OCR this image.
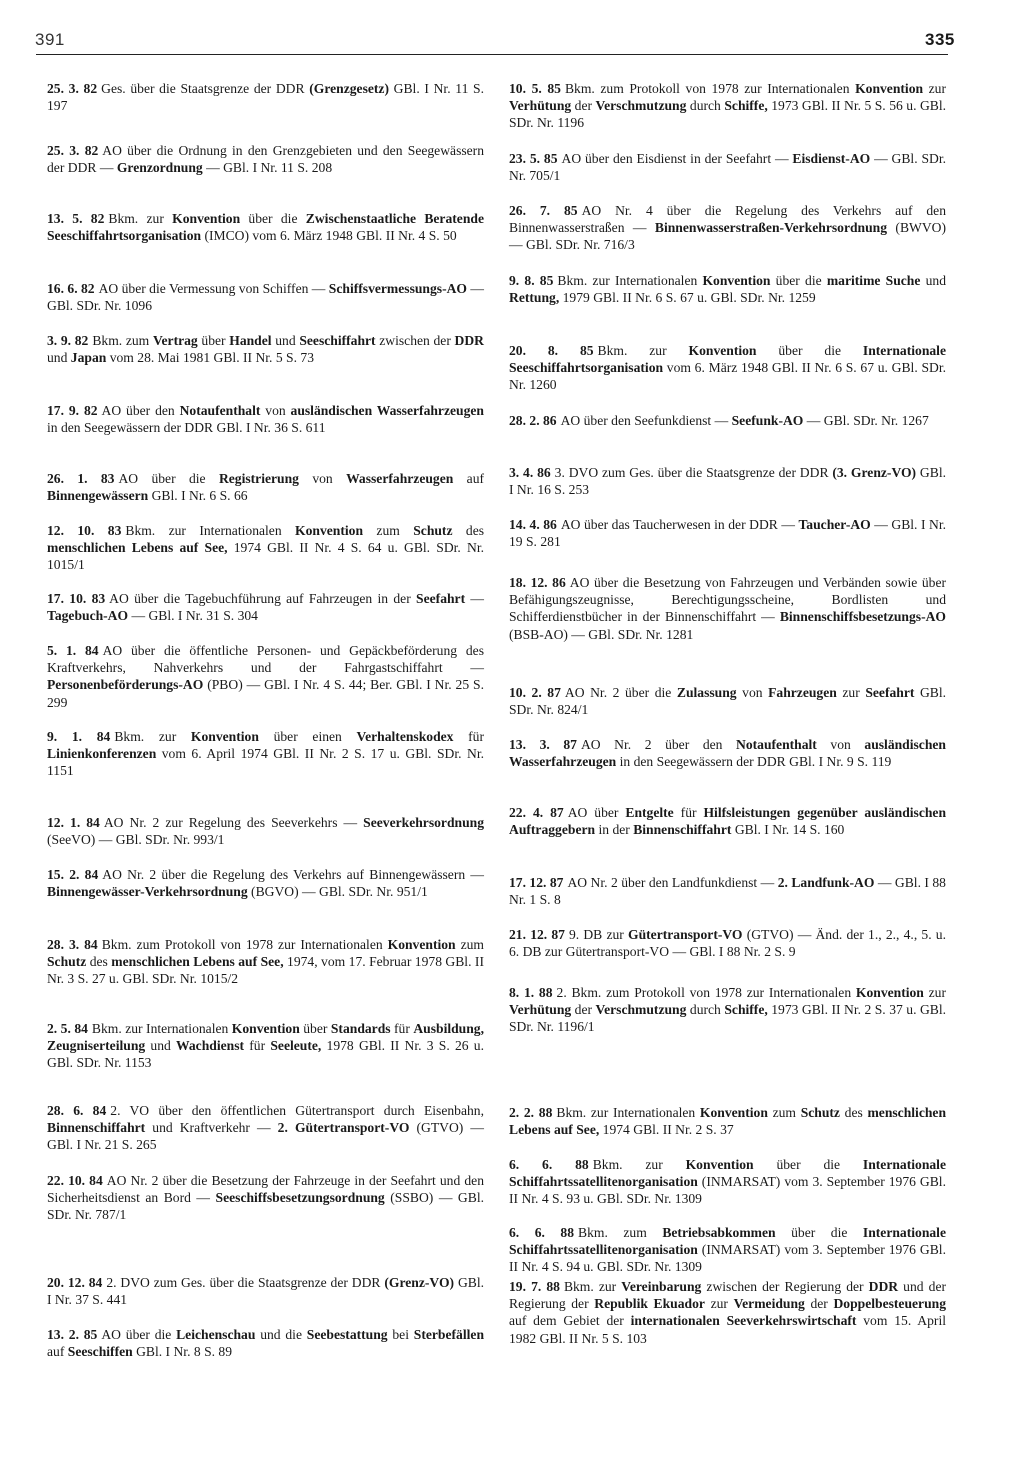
391	335
25. 3. 82 Ges. über die Staatsgrenze der DDR (Grenzgesetz) GBl. I Nr. 11 S. 197
25. 3. 82 AO über die Ordnung in den Grenzgebieten und den Seegewässern der DDR — Grenzordnung — GBl. I Nr. 11 S. 208
13. 5. 82 Bkm. zur Konvention über die Zwischenstaatliche Beratende Seeschiffahrtsorganisation (IMCO) vom 6. März 1948 GBl. II Nr. 4 S. 50
16. 6. 82 AO über die Vermessung von Schiffen — Schiffsvermessungs-AO — GBl. SDr. Nr. 1096
3. 9. 82 Bkm. zum Vertrag über Handel und Seeschiffahrt zwischen der DDR und Japan vom 28. Mai 1981 GBl. II Nr. 5 S. 73
17. 9. 82 AO über den Notaufenthalt von ausländischen Wasserfahrzeugen in den Seegewässern der DDR GBl. I Nr. 36 S. 611
26. 1. 83 AO über die Registrierung von Wasserfahrzeugen auf Binnengewässern GBl. I Nr. 6 S. 66
12. 10. 83 Bkm. zur Internationalen Konvention zum Schutz des menschlichen Lebens auf See, 1974 GBl. II Nr. 4 S. 64 u. GBl. SDr. Nr. 1015/1
17. 10. 83 AO über die Tagebuchführung auf Fahrzeugen in der Seefahrt — Tagebuch-AO — GBl. I Nr. 31 S. 304
5. 1. 84 AO über die öffentliche Personen- und Gepäckbeförderung des Kraftverkehrs, Nahverkehrs und der Fahrgastschiffahrt — Personenbeförderungs-AO (PBO) — GBl. I Nr. 4 S. 44; Ber. GBl. I Nr. 25 S. 299
9. 1. 84 Bkm. zur Konvention über einen Verhaltenskodex für Linienkonferenzen vom 6. April 1974 GBl. II Nr. 2 S. 17 u. GBl. SDr. Nr. 1151
12. 1. 84 AO Nr. 2 zur Regelung des Seeverkehrs — Seeverkehrsordnung (SeeVO) — GBl. SDr. Nr. 993/1
15. 2. 84 AO Nr. 2 über die Regelung des Verkehrs auf Binnengewässern — Binnengewässer-Verkehrsordnung (BGVO) — GBl. SDr. Nr. 951/1
28. 3. 84 Bkm. zum Protokoll von 1978 zur Internationalen Konvention zum Schutz des menschlichen Lebens auf See, 1974, vom 17. Februar 1978 GBl. II Nr. 3 S. 27 u. GBl. SDr. Nr. 1015/2
2. 5. 84 Bkm. zur Internationalen Konvention über Standards für Ausbildung, Zeugniserteilung und Wachdienst für Seeleute, 1978 GBl. II Nr. 3 S. 26 u. GBl. SDr. Nr. 1153
28. 6. 84 2. VO über den öffentlichen Gütertransport durch Eisenbahn, Binnenschiffahrt und Kraftverkehr — 2. Gütertransport-VO (GTVO) — GBl. I Nr. 21 S. 265
22. 10. 84 AO Nr. 2 über die Besetzung der Fahrzeuge in der Seefahrt und den Sicherheitsdienst an Bord — Seeschiffsbesetzungsordnung (SSBO) — GBl. SDr. Nr. 787/1
20. 12. 84 2. DVO zum Ges. über die Staatsgrenze der DDR (Grenz-VO) GBl. I Nr. 37 S. 441
13. 2. 85 AO über die Leichenschau und die Seebestattung bei Sterbefällen auf Seeschiffen GBl. I Nr. 8 S. 89
10. 5. 85 Bkm. zum Protokoll von 1978 zur Internationalen Konvention zur Verhütung der Verschmutzung durch Schiffe, 1973 GBl. II Nr. 5 S. 56 u. GBl. SDr. Nr. 1196
23. 5. 85 AO über den Eisdienst in der Seefahrt — Eisdienst-AO — GBl. SDr. Nr. 705/1
26. 7. 85 AO Nr. 4 über die Regelung des Verkehrs auf den Binnenwasserstraßen — Binnenwasserstraßen-Verkehrsordnung (BWVO) — GBl. SDr. Nr. 716/3
9. 8. 85 Bkm. zur Internationalen Konvention über die maritime Suche und Rettung, 1979 GBl. II Nr. 6 S. 67 u. GBl. SDr. Nr. 1259
20. 8. 85 Bkm. zur Konvention über die Internationale Seeschiffahrtsorganisation vom 6. März 1948 GBl. II Nr. 6 S. 67 u. GBl. SDr. Nr. 1260
28. 2. 86 AO über den Seefunkdienst — Seefunk-AO — GBl. SDr. Nr. 1267
3. 4. 86 3. DVO zum Ges. über die Staatsgrenze der DDR (3. Grenz-VO) GBl. I Nr. 16 S. 253
14. 4. 86 AO über das Taucherwesen in der DDR — Taucher-AO — GBl. I Nr. 19 S. 281
18. 12. 86 AO über die Besetzung von Fahrzeugen und Verbänden sowie über Befähigungszeugnisse, Berechtigungsscheine, Bordlisten und Schifferdienstbücher in der Binnenschiffahrt — Binnenschiffsbesetzungs-AO (BSB-AO) — GBl. SDr. Nr. 1281
10. 2. 87 AO Nr. 2 über die Zulassung von Fahrzeugen zur Seefahrt GBl. SDr. Nr. 824/1
13. 3. 87 AO Nr. 2 über den Notaufenthalt von ausländischen Wasserfahrzeugen in den Seegewässern der DDR GBl. I Nr. 9 S. 119
22. 4. 87 AO über Entgelte für Hilfsleistungen gegenüber ausländischen Auftraggebern in der Binnenschiffahrt GBl. I Nr. 14 S. 160
17. 12. 87 AO Nr. 2 über den Landfunkdienst — 2. Landfunk-AO — GBl. I 88 Nr. 1 S. 8
21. 12. 87 9. DB zur Gütertransport-VO (GTVO) — Änd. der 1., 2., 4., 5. u. 6. DB zur Gütertransport-VO — GBl. I 88 Nr. 2 S. 9
8. 1. 88 2. Bkm. zum Protokoll von 1978 zur Internationalen Konvention zur Verhütung der Verschmutzung durch Schiffe, 1973 GBl. II Nr. 2 S. 37 u. GBl. SDr. Nr. 1196/1
2. 2. 88 Bkm. zur Internationalen Konvention zum Schutz des menschlichen Lebens auf See, 1974 GBl. II Nr. 2 S. 37
6. 6. 88 Bkm. zur Konvention über die Internationale Schiffahrtssatellitenorganisation (INMARSAT) vom 3. September 1976 GBl. II Nr. 4 S. 93 u. GBl. SDr. Nr. 1309
6. 6. 88 Bkm. zum Betriebsabkommen über die Internationale Schiffahrtssatellitenorganisation (INMARSAT) vom 3. September 1976 GBl. II Nr. 4 S. 94 u. GBl. SDr. Nr. 1309
19. 7. 88 Bkm. zur Vereinbarung zwischen der Regierung der DDR und der Regierung der Republik Ekuador zur Vermeidung der Doppelbesteuerung auf dem Gebiet der internationalen Seeverkehrswirtschaft vom 15. April 1982 GBl. II Nr. 5 S. 103
